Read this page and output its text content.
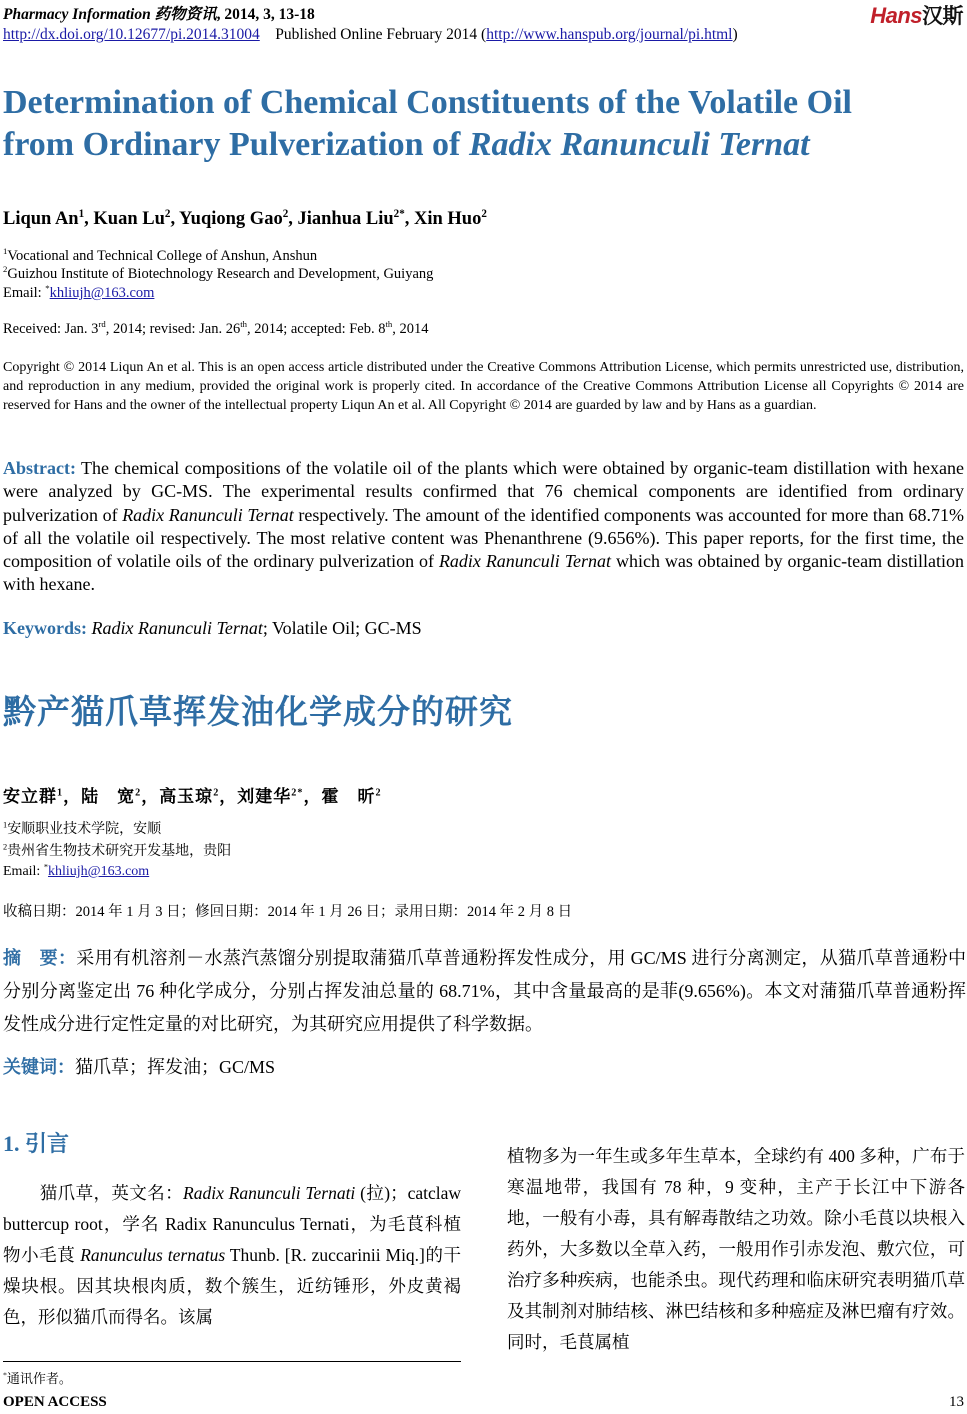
Pharmacy Information 药物资讯, 2014, 3, 13-18
http://dx.doi.org/10.12677/pi.2014.31004 Published Online February 2014 (http://www.hanspub.org/journal/pi.html)
Hans汉斯
Determination of Chemical Constituents of the Volatile Oil
from Ordinary Pulverization of Radix Ranunculi Ternat
Liqun An$^1$, Kuan Lu$^2$, Yuqiong Gao$^2$, Jianhua Liu$^{2*}$, Xin Huo$^2$
$^1$Vocational and Technical College of Anshun, Anshun
$^2$Guizhou Institute of Biotechnology Research and Development, Guiyang
Email: *khliujh@163.com
Received: Jan. 3rd, 2014; revised: Jan. 26th, 2014; accepted: Feb. 8th, 2014
Copyright © 2014 Liqun An et al. This is an open access article distributed under the Creative Commons Attribution License, which permits unrestricted use, distribution, and reproduction in any medium, provided the original work is properly cited. In accordance of the Creative Commons Attribution License all Copyrights © 2014 are reserved for Hans and the owner of the intellectual property Liqun An et al. All Copyright © 2014 are guarded by law and by Hans as a guardian.
Abstract: The chemical compositions of the volatile oil of the plants which were obtained by organic-team distillation with hexane were analyzed by GC-MS. The experimental results confirmed that 76 chemical components are identified from ordinary pulverization of Radix Ranunculi Ternat respectively. The amount of the identified components was accounted for more than 68.71% of all the volatile oil respectively. The most relative content was Phenanthrene (9.656%). This paper reports, for the first time, the composition of volatile oils of the ordinary pulverization of Radix Ranunculi Ternat which was obtained by organic-team distillation with hexane.
Keywords: Radix Ranunculi Ternat; Volatile Oil; GC-MS
黔产猫爪草挥发油化学成分的研究
安立群$^1$，陆　宽$^2$，高玉琼$^2$，刘建华$^{2*}$，霍　昕$^2$
$^1$安顺职业技术学院，安顺
$^2$贵州省生物技术研究开发基地，贵阳
Email: *khliujh@163.com
收稿日期：2014 年 1 月 3 日；修回日期：2014 年 1 月 26 日；录用日期：2014 年 2 月 8 日
摘　要：采用有机溶剂－水蒸汽蒸馏分别提取蒲猫爪草普通粉挥发性成分，用 GC/MS 进行分离测定，从猫爪草普通粉中分别分离鉴定出 76 种化学成分，分别占挥发油总量的 68.71%，其中含量最高的是菲(9.656%)。本文对蒲猫爪草普通粉挥发性成分进行定性定量的对比研究，为其研究应用提供了科学数据。
关键词：猫爪草；挥发油；GC/MS
1. 引言
猫爪草，英文名：Radix Ranunculi Ternati (拉)；catclaw buttercup root，学名 Radix Ranunculus Ternati，为毛茛科植物小毛茛 Ranunculus ternatus Thunb. [R. zuccarinii Miq.]的干燥块根。因其块根肉质，数个簇生，近纺锤形，外皮黄褐色，形似猫爪而得名。该属
植物多为一年生或多年生草本，全球约有 400 多种，广布于寒温地带，我国有 78 种，9 变种，主产于长江中下游各地，一般有小毒，具有解毒散结之功效。除小毛茛以块根入药外，大多数以全草入药，一般用作引赤发泡、敷穴位，可治疗多种疾病，也能杀虫。现代药理和临床研究表明猫爪草及其制剂对肺结核、淋巴结核和多种癌症及淋巴瘤有疗效。同时，毛茛属植
*通讯作者。
OPEN ACCESS	13
